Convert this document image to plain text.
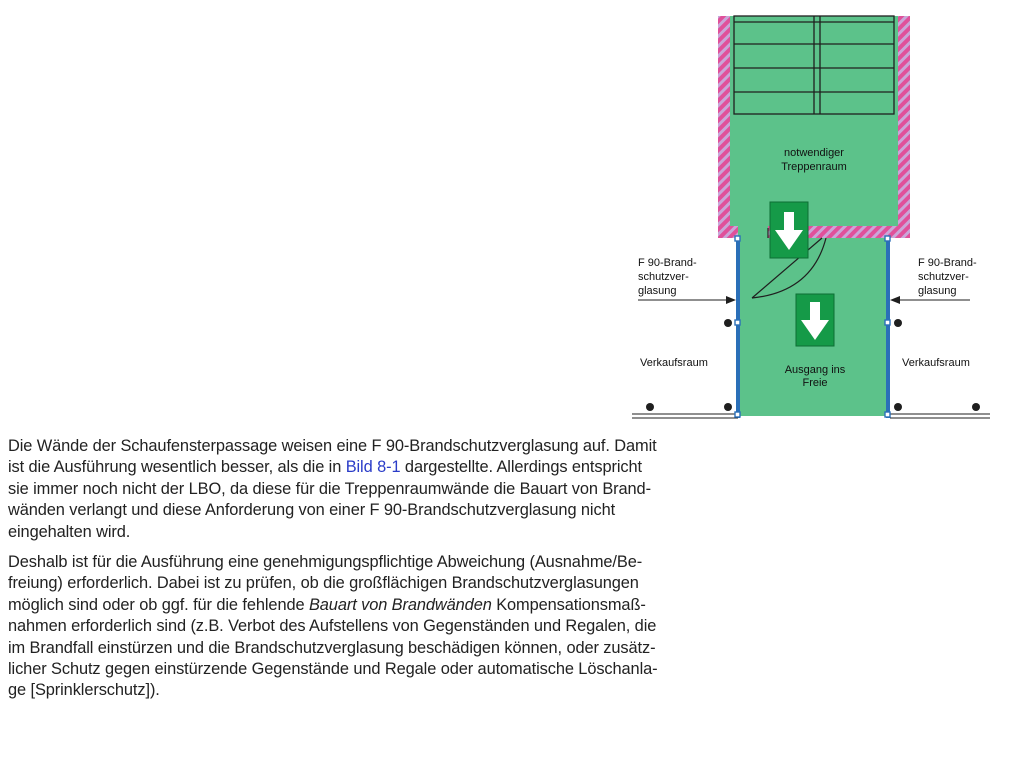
notwendiger
Treppenraum
Ausgang ins
Freie
F 90-Brand-
schutzver-
glasung
F 90-Brand-
schutzver-
glasung
Verkaufsraum	Verkaufsraum

Die Wände der Schaufensterpassage weisen eine F 90-Brandschutzverglasung auf. Damit
ist die Ausführung wesentlich besser, als die in Bild 8-1 dargestellte. Allerdings entspricht
sie immer noch nicht der LBO, da diese für die Treppenraumwände die Bauart von Brand-
wänden verlangt und diese Anforderung von einer F 90-Brandschutzverglasung nicht
eingehalten wird.

Deshalb ist für die Ausführung eine genehmigungspflichtige Abweichung (Ausnahme/Be-
freiung) erforderlich. Dabei ist zu prüfen, ob die großflächigen Brandschutzverglasungen
möglich sind oder ob ggf. für die fehlende Bauart von Brandwänden Kompensationsmaß-
nahmen erforderlich sind (z.B. Verbot des Aufstellens von Gegenständen und Regalen, die
im Brandfall einstürzen und die Brandschutzverglasung beschädigen können, oder zusätz-
licher Schutz gegen einstürzende Gegenstände und Regale oder automatische Löschanla-
ge [Sprinklerschutz]).
